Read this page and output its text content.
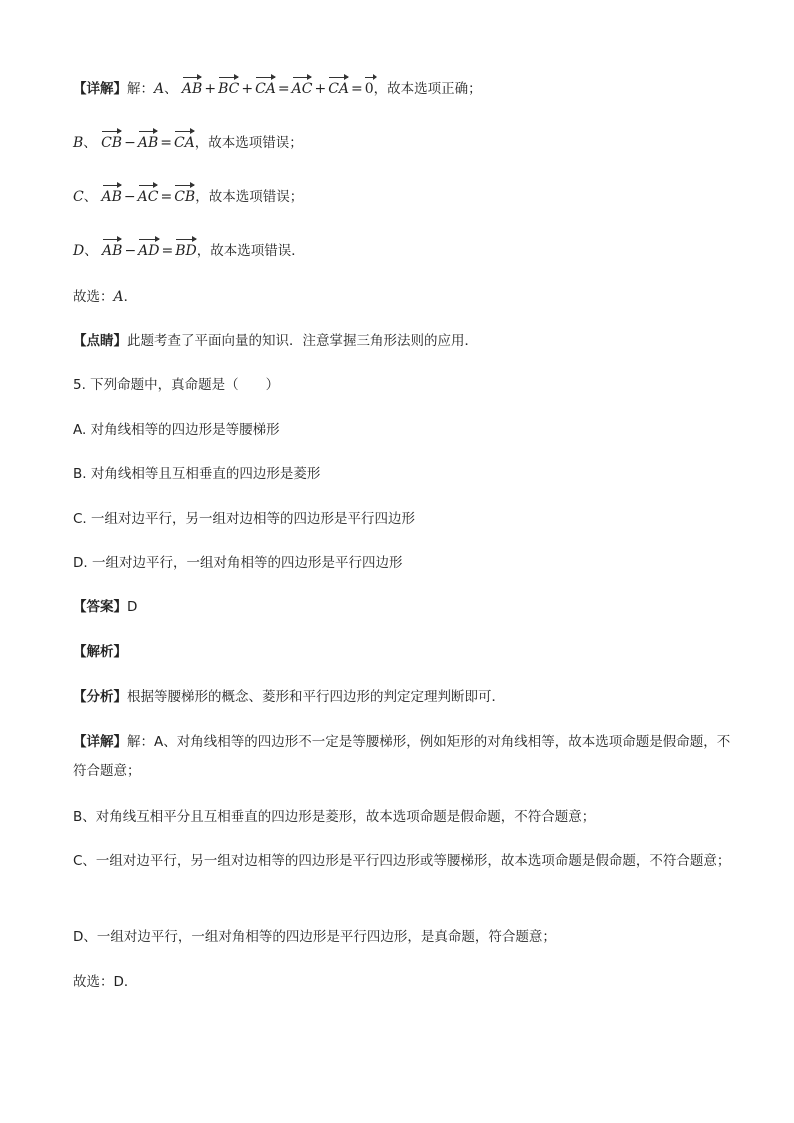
【详解】解：A、 AB + BC + CA = AC + CA = 0，故本选项正确；
B、 CB − AB = CA，故本选项错误；
C、 AB − AC = CB，故本选项错误；
D、 AB − AD = BD，故本选项错误．
故选：A．
【点睛】此题考查了平面向量的知识．注意掌握三角形法则的应用．
5. 下列命题中，真命题是（　　）
A. 对角线相等的四边形是等腰梯形
B. 对角线相等且互相垂直的四边形是菱形
C. 一组对边平行，另一组对边相等的四边形是平行四边形
D. 一组对边平行，一组对角相等的四边形是平行四边形
【答案】D
【解析】
【分析】根据等腰梯形的概念、菱形和平行四边形的判定定理判断即可．
【详解】解：A、对角线相等的四边形不一定是等腰梯形，例如矩形的对角线相等，故本选项命题是假命题，不符合题意；
B、对角线互相平分且互相垂直的四边形是菱形，故本选项命题是假命题，不符合题意；
C、一组对边平行，另一组对边相等的四边形是平行四边形或等腰梯形，故本选项命题是假命题，不符合题意；
D、一组对边平行，一组对角相等的四边形是平行四边形，是真命题，符合题意；
故选：D．
